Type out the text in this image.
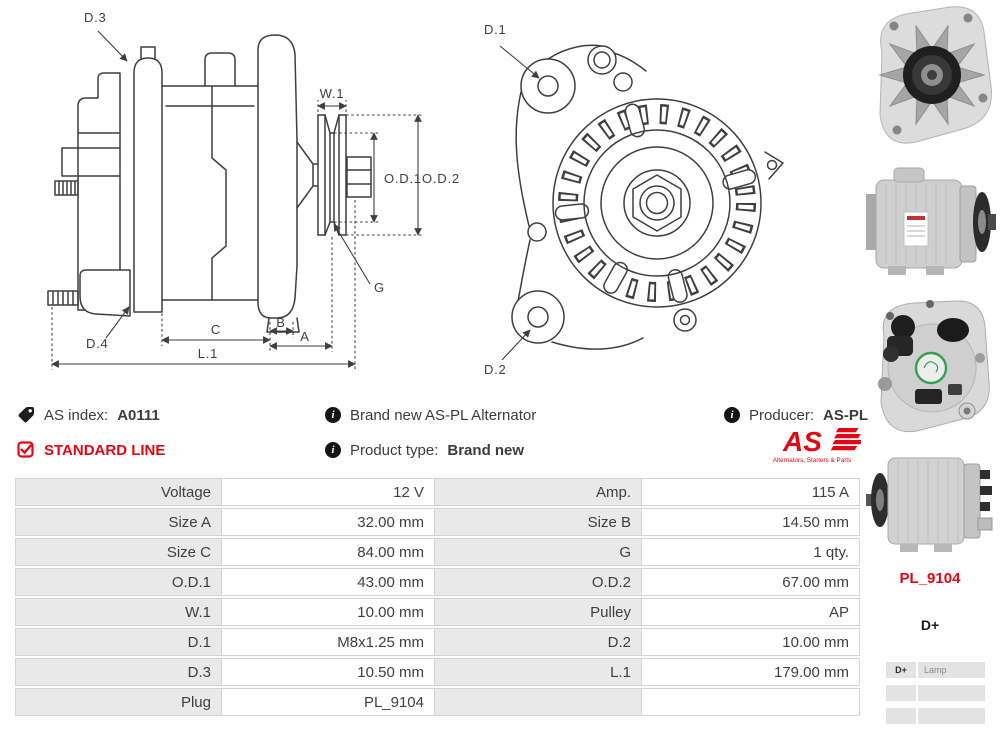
D.3
D.4
W.1
O.D.1 O.D.2
G
C	B
A
L.1
D.1
D.2
AS index: A0111
STANDARD LINE
i	Brand new AS-PL Alternator
i	Product type: Brand new
i	Producer: AS-PL
AS
Alternators, Starters & Parts
Voltage	12 V	Amp.	115 A
Size A	32.00 mm	Size B	14.50 mm
Size C	84.00 mm	G	1 qty.
O.D.1	43.00 mm	O.D.2	67.00 mm
W.1	10.00 mm	Pulley	AP
D.1	M8x1.25 mm	D.2	10.00 mm
D.3	10.50 mm	L.1	179.00 mm
Plug	PL_9104
PL_9104
D+
D+	Lamp
